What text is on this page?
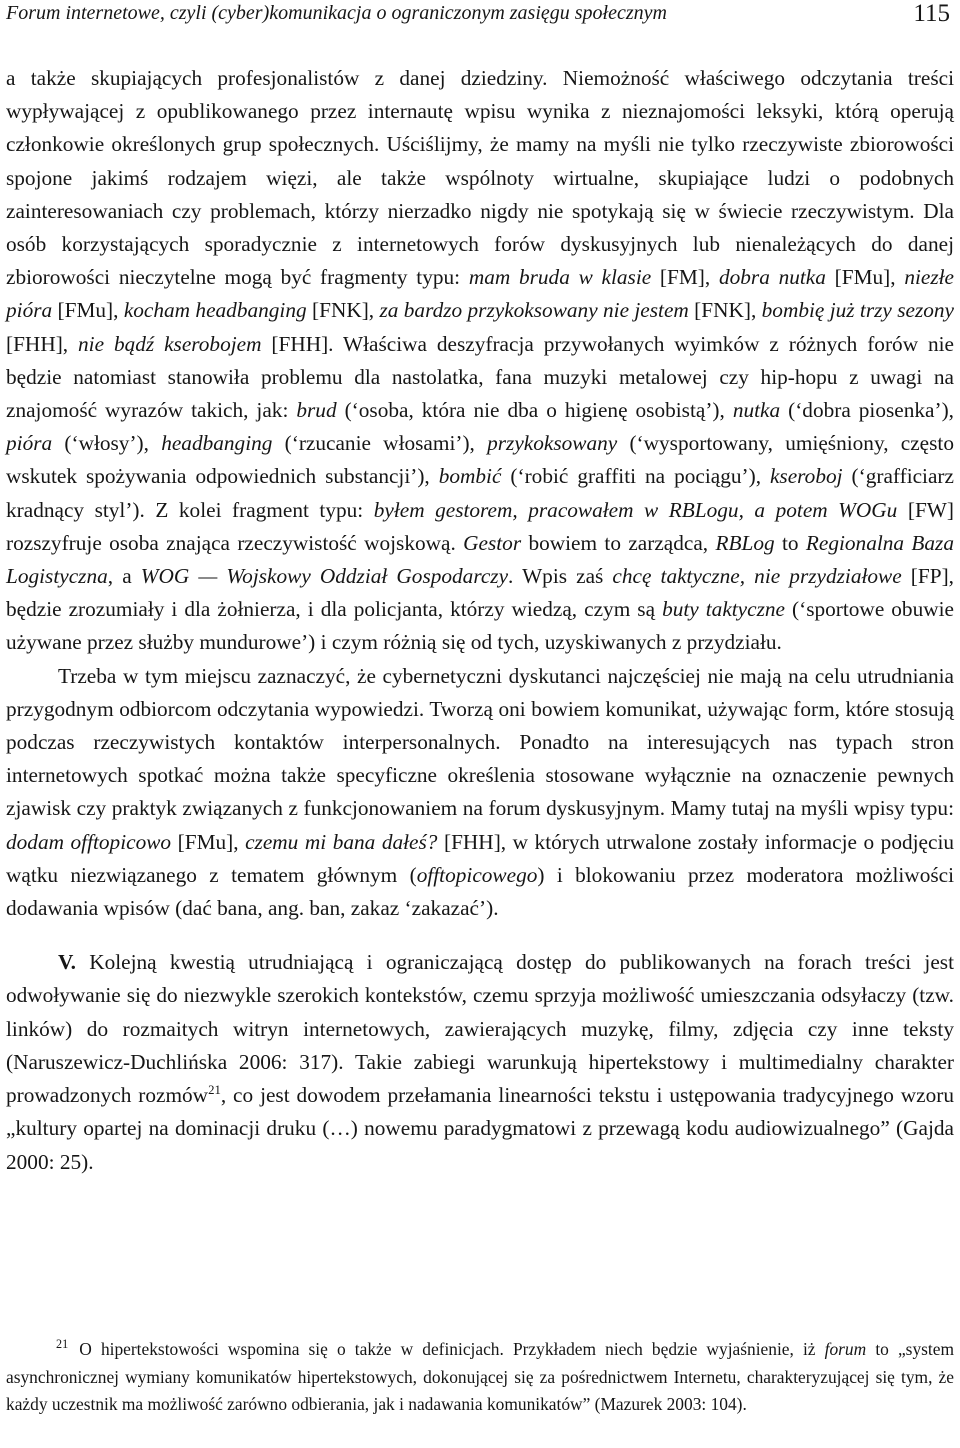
Forum internetowe, czyli (cyber)komunikacja o ograniczonym zasięgu społecznym	115

a także skupiających profesjonalistów z danej dziedziny. Niemożność właściwego odczytania treści wypływającej z opublikowanego przez internautę wpisu wynika z nieznajomości leksyki, którą operują członkowie określonych grup społecznych. Uściślijmy, że mamy na myśli nie tylko rzeczywiste zbiorowości spojone jakimś rodzajem więzi, ale także wspólnoty wirtualne, skupiające ludzi o podobnych zainteresowaniach czy problemach, którzy nierzadko nigdy nie spotykają się w świecie rzeczywistym. Dla osób korzystających sporadycznie z internetowych forów dyskusyjnych lub nienależących do danej zbiorowości nieczytelne mogą być fragmenty typu: mam bruda w klasie [FM], dobra nutka [FMu], niezłe pióra [FMu], kocham headbanging [FNK], za bardzo przykoksowany nie jestem [FNK], bombię już trzy sezony [FHH], nie bądź kserobojem [FHH]. Właściwa deszyfracja przywołanych wyimków z różnych forów nie będzie natomiast stanowiła problemu dla nastolatka, fana muzyki metalowej czy hip-hopu z uwagi na znajomość wyrazów takich, jak: brud (‘osoba, która nie dba o higienę osobistą’), nutka (‘dobra piosenka’), pióra (‘włosy’), headbanging (‘rzucanie włosami’), przykoksowany (‘wysportowany, umięśniony, często wskutek spożywania odpowiednich substancji’), bombić (‘robić graffiti na pociągu’), kseroboj (‘grafficiarz kradnący styl’). Z kolei fragment typu: byłem gestorem, pracowałem w RBLogu, a potem WOGu [FW] rozszyfruje osoba znająca rzeczywistość wojskową. Gestor bowiem to zarządca, RBLog to Regionalna Baza Logistyczna, a WOG — Wojskowy Oddział Gospodarczy. Wpis zaś chcę taktyczne, nie przydziałowe [FP], będzie zrozumiały i dla żołnierza, i dla policjanta, którzy wiedzą, czym są buty taktyczne (‘sportowe obuwie używane przez służby mundurowe’) i czym różnią się od tych, uzyskiwanych z przydziału.

Trzeba w tym miejscu zaznaczyć, że cybernetyczni dyskutanci najczęściej nie mają na celu utrudniania przygodnym odbiorcom odczytania wypowiedzi. Tworzą oni bowiem komunikat, używając form, które stosują podczas rzeczywistych kontaktów interpersonalnych. Ponadto na interesujących nas typach stron internetowych spotkać można także specyficzne określenia stosowane wyłącznie na oznaczenie pewnych zjawisk czy praktyk związanych z funkcjonowaniem na forum dyskusyjnym. Mamy tutaj na myśli wpisy typu: dodam offtopicowo [FMu], czemu mi bana dałeś? [FHH], w których utrwalone zostały informacje o podjęciu wątku niezwiązanego z tematem głównym (offtopicowego) i blokowaniu przez moderatora możliwości dodawania wpisów (dać bana, ang. ban, zakaz ‘zakazać’).

V. Kolejną kwestią utrudniającą i ograniczającą dostęp do publikowanych na forach treści jest odwoływanie się do niezwykle szerokich kontekstów, czemu sprzyja możliwość umieszczania odsyłaczy (tzw. linków) do rozmaitych witryn internetowych, zawierających muzykę, filmy, zdjęcia czy inne teksty (Naruszewicz-Duchlińska 2006: 317). Takie zabiegi warunkują hipertekstowy i multimedialny charakter prowadzonych rozmów$^{21}$, co jest dowodem przełamania linearności tekstu i ustępowania tradycyjnego wzoru „kultury opartej na dominacji druku (…) nowemu paradygmatowi z przewagą kodu audiowizualnego” (Gajda 2000: 25).

$^{21}$ O hipertekstowości wspomina się o także w definicjach. Przykładem niech będzie wyjaśnienie, iż forum to „system asynchronicznej wymiany komunikatów hipertekstowych, dokonującej się za pośrednictwem Internetu, charakteryzującej się tym, że każdy uczestnik ma możliwość zarówno odbierania, jak i nadawania komunikatów” (Mazurek 2003: 104).
